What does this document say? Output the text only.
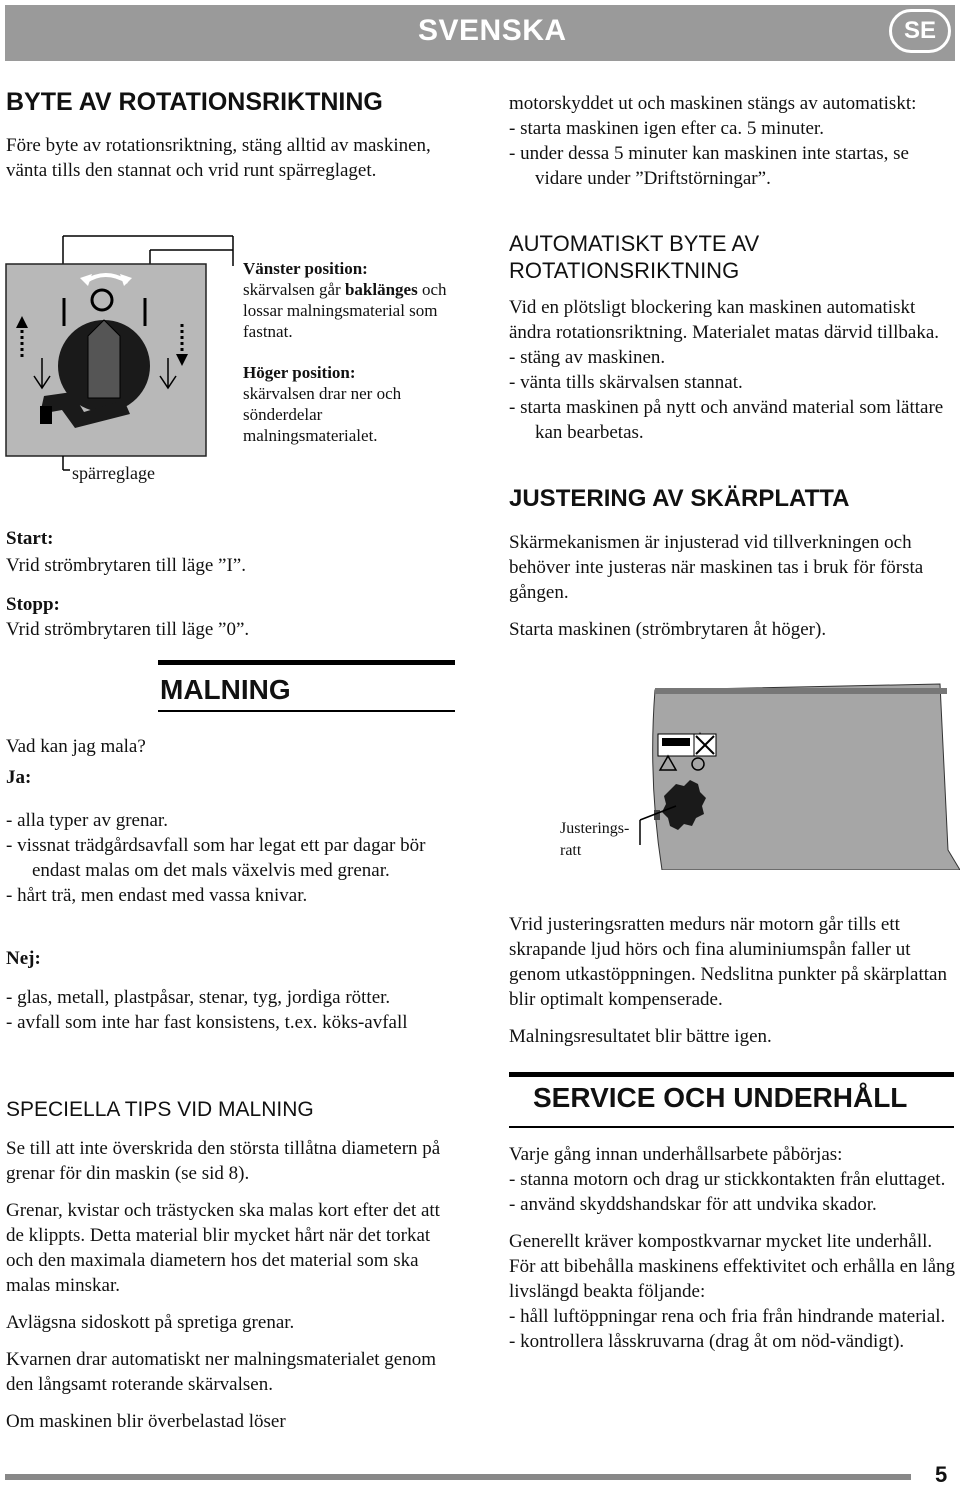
SVENSKA	SE
BYTE AV ROTATIONSRIKTNING

Före byte av rotationsriktning, stäng alltid av maskinen, vänta tills den stannat och vrid runt spärreglaget.

spärreglage
Vänster position:
skärvalsen går baklänges och lossar malningsmaterial som fastnat.
Höger position:
skärvalsen drar ner och sönderdelar malningsmaterialet.
Start:
Vrid strömbrytaren till läge ”I”.
Stopp:
Vrid strömbrytaren till läge ”0”.
MALNING
Vad kan jag mala?
Ja:

- alla typer av grenar.

- vissnat trädgårdsavfall som har legat ett par dagar bör endast malas om det mals växelvis med grenar.

- hårt trä, men endast med vassa knivar.

Nej:

- glas, metall, plastpåsar, stenar, tyg, jordiga rötter.

- avfall som inte har fast konsistens, t.ex. köks-avfall

SPECIELLA TIPS VID MALNING

Se till att inte överskrida den största tillåtna diametern på grenar för din maskin (se sid 8).

Grenar, kvistar och trästycken ska malas kort efter det att de klippts. Detta material blir mycket hårt när det torkat och den maximala diametern hos det material som ska malas minskar.

Avlägsna sidoskott på spretiga grenar.

Kvarnen drar automatiskt ner malningsmaterialet genom den långsamt roterande skärvalsen.

Om maskinen blir överbelastad löser

motorskyddet ut och maskinen stängs av automatiskt:

- starta maskinen igen efter ca. 5 minuter.

- under dessa 5 minuter kan maskinen inte startas, se vidare under ”Driftstörningar”.

AUTOMATISKT BYTE AV ROTATIONSRIKTNING

Vid en plötsligt blockering kan maskinen automatiskt ändra rotationsriktning. Materialet matas därvid tillbaka.

- stäng av maskinen.

- vänta tills skärvalsen stannat.

- starta maskinen på nytt och använd material som lättare kan bearbetas.

JUSTERING AV SKÄRPLATTA

Skärmekanismen är injusterad vid tillverkningen och behöver inte justeras när maskinen tas i bruk för första gången.

Starta maskinen (strömbrytaren åt höger).

Justerings-
ratt

Vrid justeringsratten medurs när motorn går tills ett skrapande ljud hörs och fina aluminiumspån faller ut genom utkastöppningen. Nedslitna punkter på skärplattan blir optimalt kompenserade.

Malningsresultatet blir bättre igen.

SERVICE OCH UNDERHÅLL

Varje gång innan underhållsarbete påbörjas:

- stanna motorn och drag ur stickkontakten från eluttaget.

- använd skyddshandskar för att undvika skador.

Generellt kräver kompostkvarnar mycket lite underhåll. För att bibehålla maskinens effektivitet och erhålla en lång livslängd beakta följande:

- håll luftöppningar rena och fria från hindrande material.

- kontrollera låsskruvarna (drag åt om nöd-vändigt).

5
